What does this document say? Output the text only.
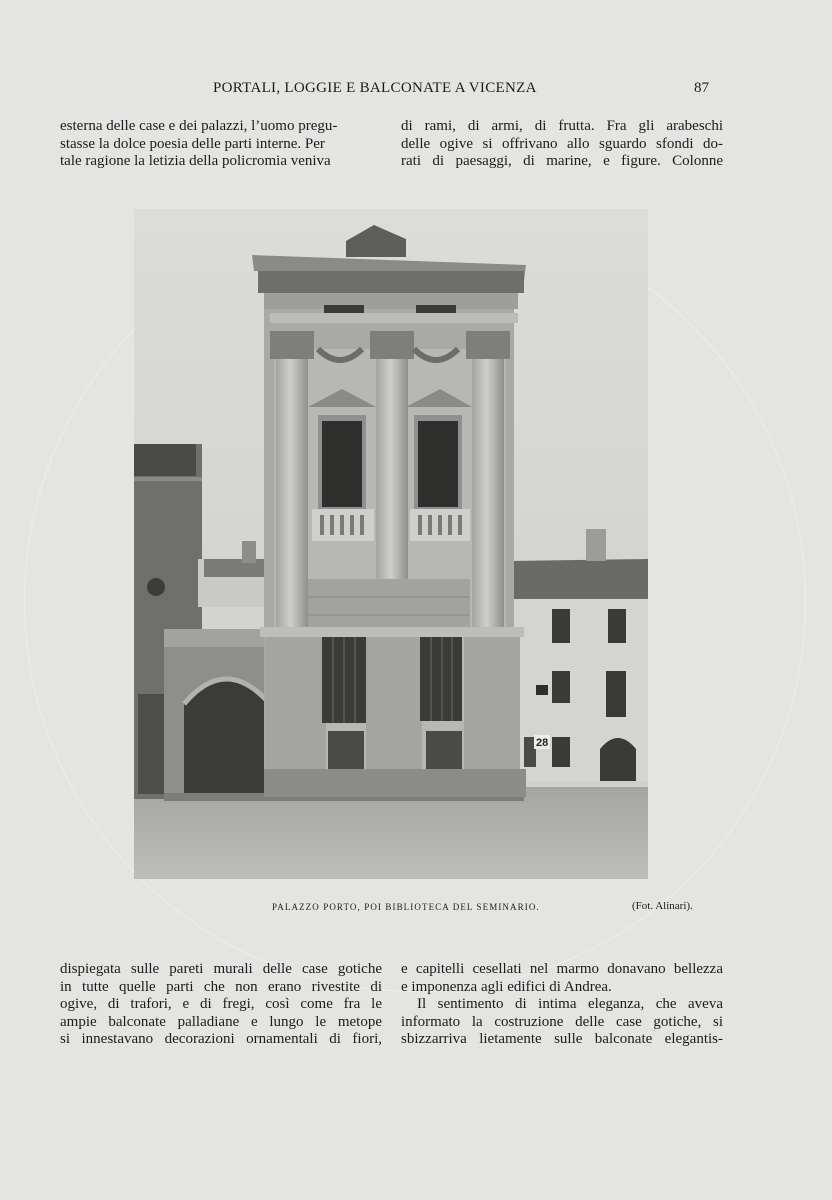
PORTALI, LOGGIE E BALCONATE A VICENZA	87

esterna delle case e dei palazzi, l’uomo pregu-

stasse la dolce poesia delle parti interne. Per

tale ragione la letizia della policromia veniva

di rami, di armi, di frutta. Fra gli arabeschi

delle ogive si offrivano allo sguardo sfondi do-

rati di paesaggi, di marine, e figure. Colonne

28
PALAZZO PORTO, POI BIBLIOTECA DEL SEMINARIO.	(Fot. Alinari).

dispiegata sulle pareti murali delle case gotiche

in tutte quelle parti che non erano rivestite di

ogive, di trafori, e di fregi, così come fra le

ampie balconate palladiane e lungo le metope

si innestavano decorazioni ornamentali di fiori,

e capitelli cesellati nel marmo donavano bellezza

e imponenza agli edifici di Andrea.

Il sentimento di intima eleganza, che aveva

informato la costruzione delle case gotiche, si

sbizzarriva lietamente sulle balconate elegantis-
